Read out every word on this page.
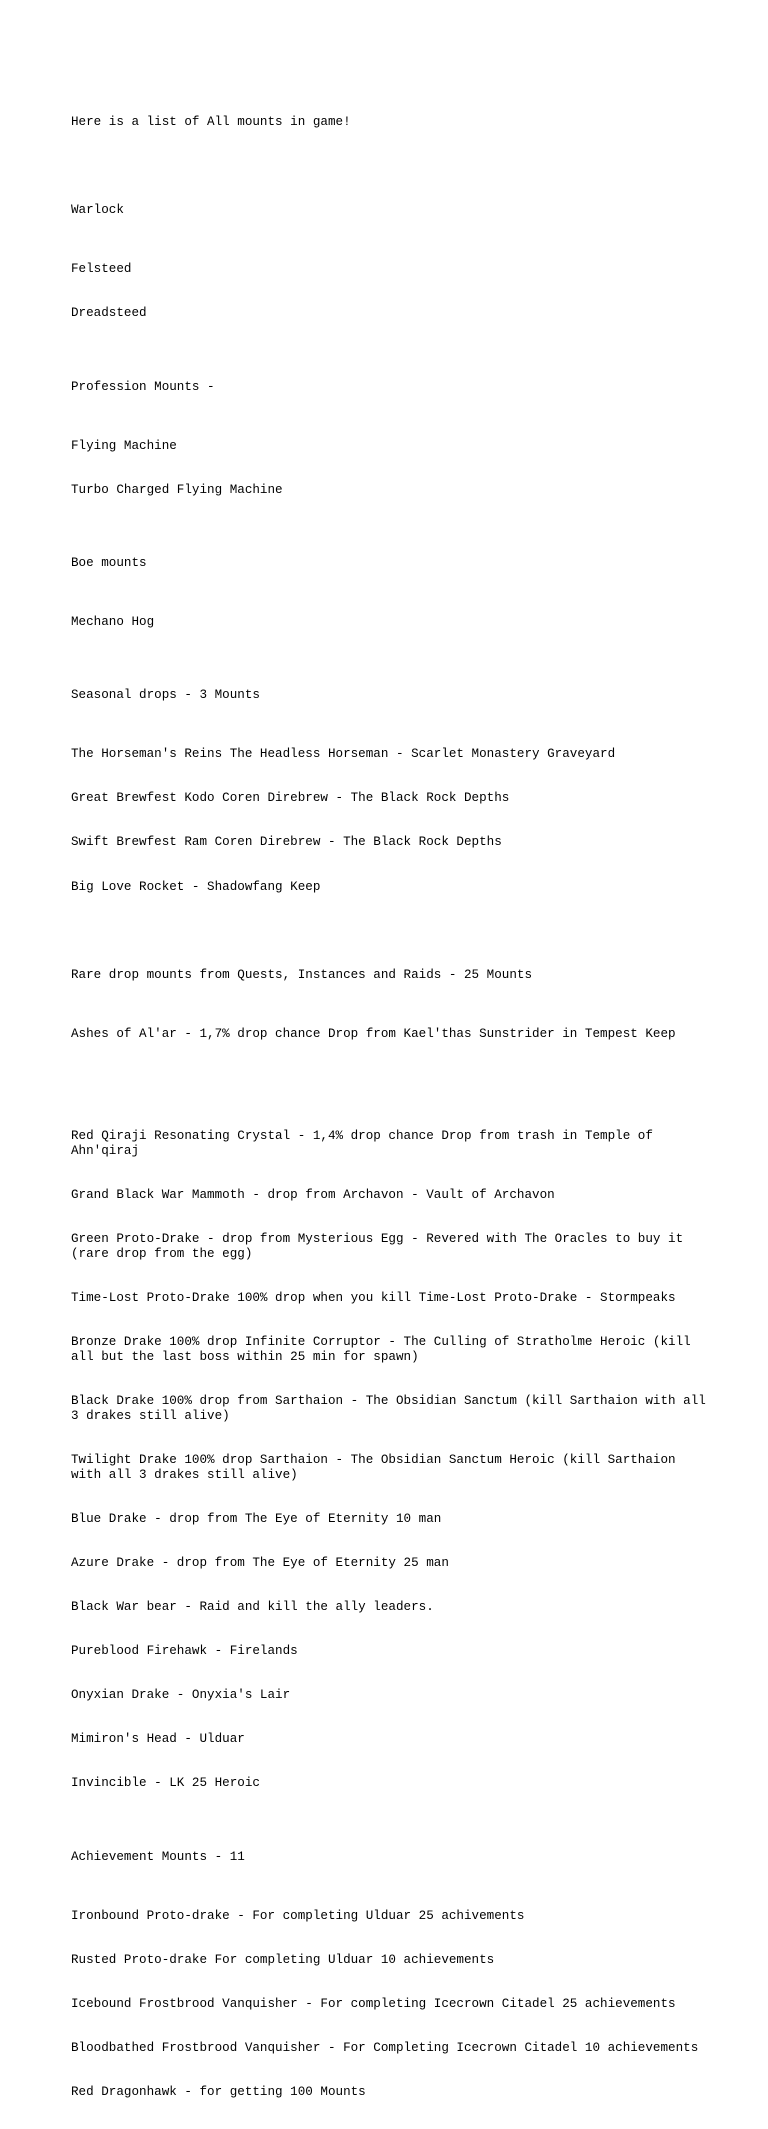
Here is a list of All mounts in game!

Warlock

Felsteed

Dreadsteed

Profession Mounts -

Flying Machine

Turbo Charged Flying Machine

Boe mounts

Mechano Hog

Seasonal drops - 3 Mounts

The Horseman's Reins The Headless Horseman - Scarlet Monastery Graveyard

Great Brewfest Kodo Coren Direbrew - The Black Rock Depths

Swift Brewfest Ram Coren Direbrew - The Black Rock Depths

Big Love Rocket - Shadowfang Keep

Rare drop mounts from Quests, Instances and Raids - 25 Mounts

Ashes of Al'ar - 1,7% drop chance Drop from Kael'thas Sunstrider in Tempest Keep

Red Qiraji Resonating Crystal - 1,4% drop chance Drop from trash in Temple of Ahn'qiraj

Grand Black War Mammoth - drop from Archavon - Vault of Archavon

Green Proto-Drake - drop from Mysterious Egg - Revered with The Oracles to buy it (rare drop from the egg)

Time-Lost Proto-Drake 100% drop when you kill Time-Lost Proto-Drake - Stormpeaks

Bronze Drake 100% drop Infinite Corruptor - The Culling of Stratholme Heroic (kill all but the last boss within 25 min for spawn)

Black Drake 100% drop from Sarthaion - The Obsidian Sanctum (kill Sarthaion with all 3 drakes still alive)

Twilight Drake 100% drop Sarthaion - The Obsidian Sanctum Heroic (kill Sarthaion with all 3 drakes still alive)

Blue Drake - drop from The Eye of Eternity 10 man

Azure Drake - drop from The Eye of Eternity 25 man

Black War bear - Raid and kill the ally leaders.

Pureblood Firehawk - Firelands

Onyxian Drake - Onyxia's Lair

Mimiron's Head - Ulduar

Invincible - LK 25 Heroic

Achievement Mounts - 11

Ironbound Proto-drake - For completing Ulduar 25 achivements

Rusted Proto-drake For completing Ulduar 10 achievements

Icebound Frostbrood Vanquisher - For completing Icecrown Citadel 25 achievements

Bloodbathed Frostbrood Vanquisher - For Completing Icecrown Citadel 10 achievements

Red Dragonhawk - for getting 100 Mounts
